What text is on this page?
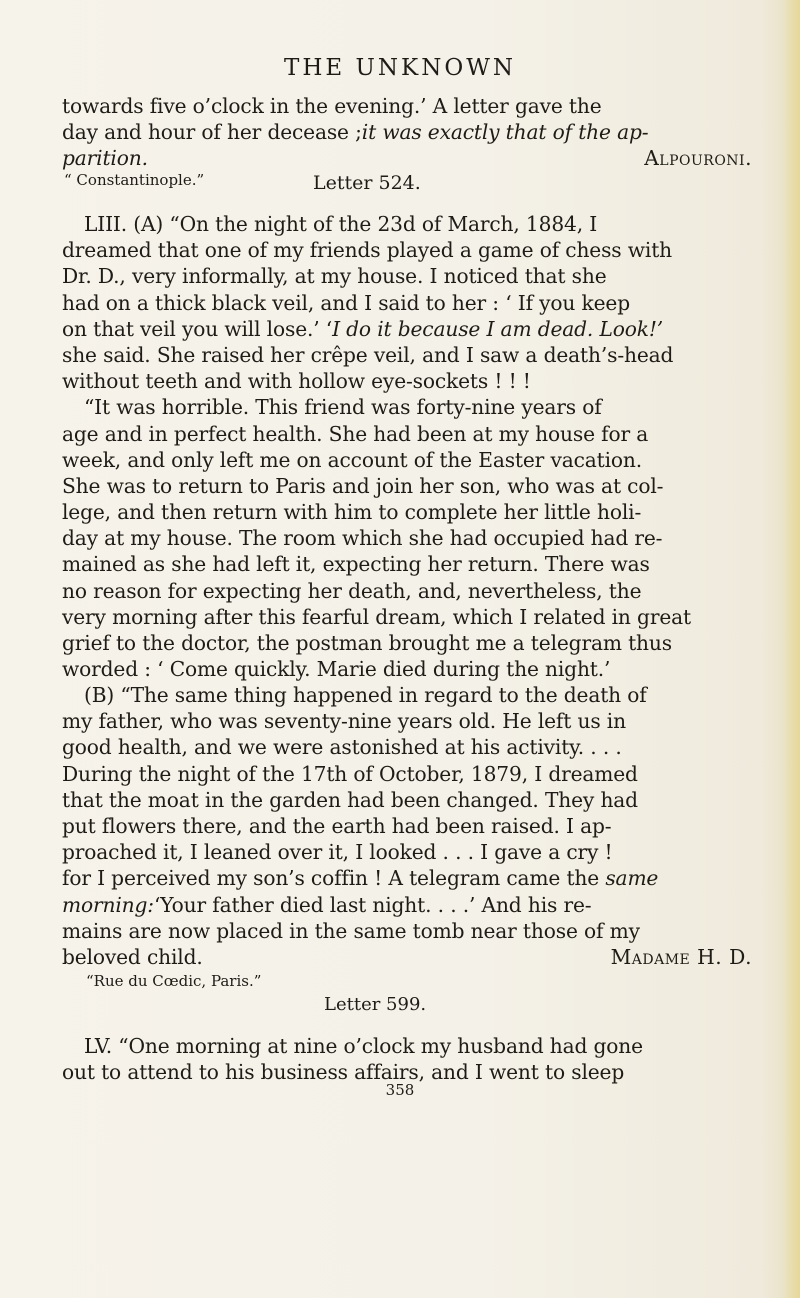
THE UNKNOWN
towards five o’clock in the evening.’ A letter gave the
day and hour of her decease ; it was exactly that of the ap-
parition.	Alpouroni.
“ Constantinople.”	Letter 524.
LIII. (A) “On the night of the 23d of March, 1884, I
dreamed that one of my friends played a game of chess with
Dr. D., very informally, at my house. I noticed that she
had on a thick black veil, and I said to her : ‘ If you keep
on that veil you will lose.’ ‘ I do it because I am dead. Look!’
she said. She raised her crêpe veil, and I saw a death’s-head
without teeth and with hollow eye-sockets ! ! !
“It was horrible. This friend was forty-nine years of
age and in perfect health. She had been at my house for a
week, and only left me on account of the Easter vacation.
She was to return to Paris and join her son, who was at col-
lege, and then return with him to complete her little holi-
day at my house. The room which she had occupied had re-
mained as she had left it, expecting her return. There was
no reason for expecting her death, and, nevertheless, the
very morning after this fearful dream, which I related in great
grief to the doctor, the postman brought me a telegram thus
worded : ‘ Come quickly. Marie died during the night.’
(B) “The same thing happened in regard to the death of
my father, who was seventy-nine years old. He left us in
good health, and we were astonished at his activity. . . .
During the night of the 17th of October, 1879, I dreamed
that the moat in the garden had been changed. They had
put flowers there, and the earth had been raised. I ap-
proached it, I leaned over it, I looked . . . I gave a cry !
for I perceived my son’s coffin ! A telegram came the same
morning: ‘Your father died last night. . . .’ And his re-
mains are now placed in the same tomb near those of my
beloved child.	Madame H. D.
“Rue du Cœdic, Paris.”
Letter 599.
LV. “One morning at nine o’clock my husband had gone
out to attend to his business affairs, and I went to sleep
358
